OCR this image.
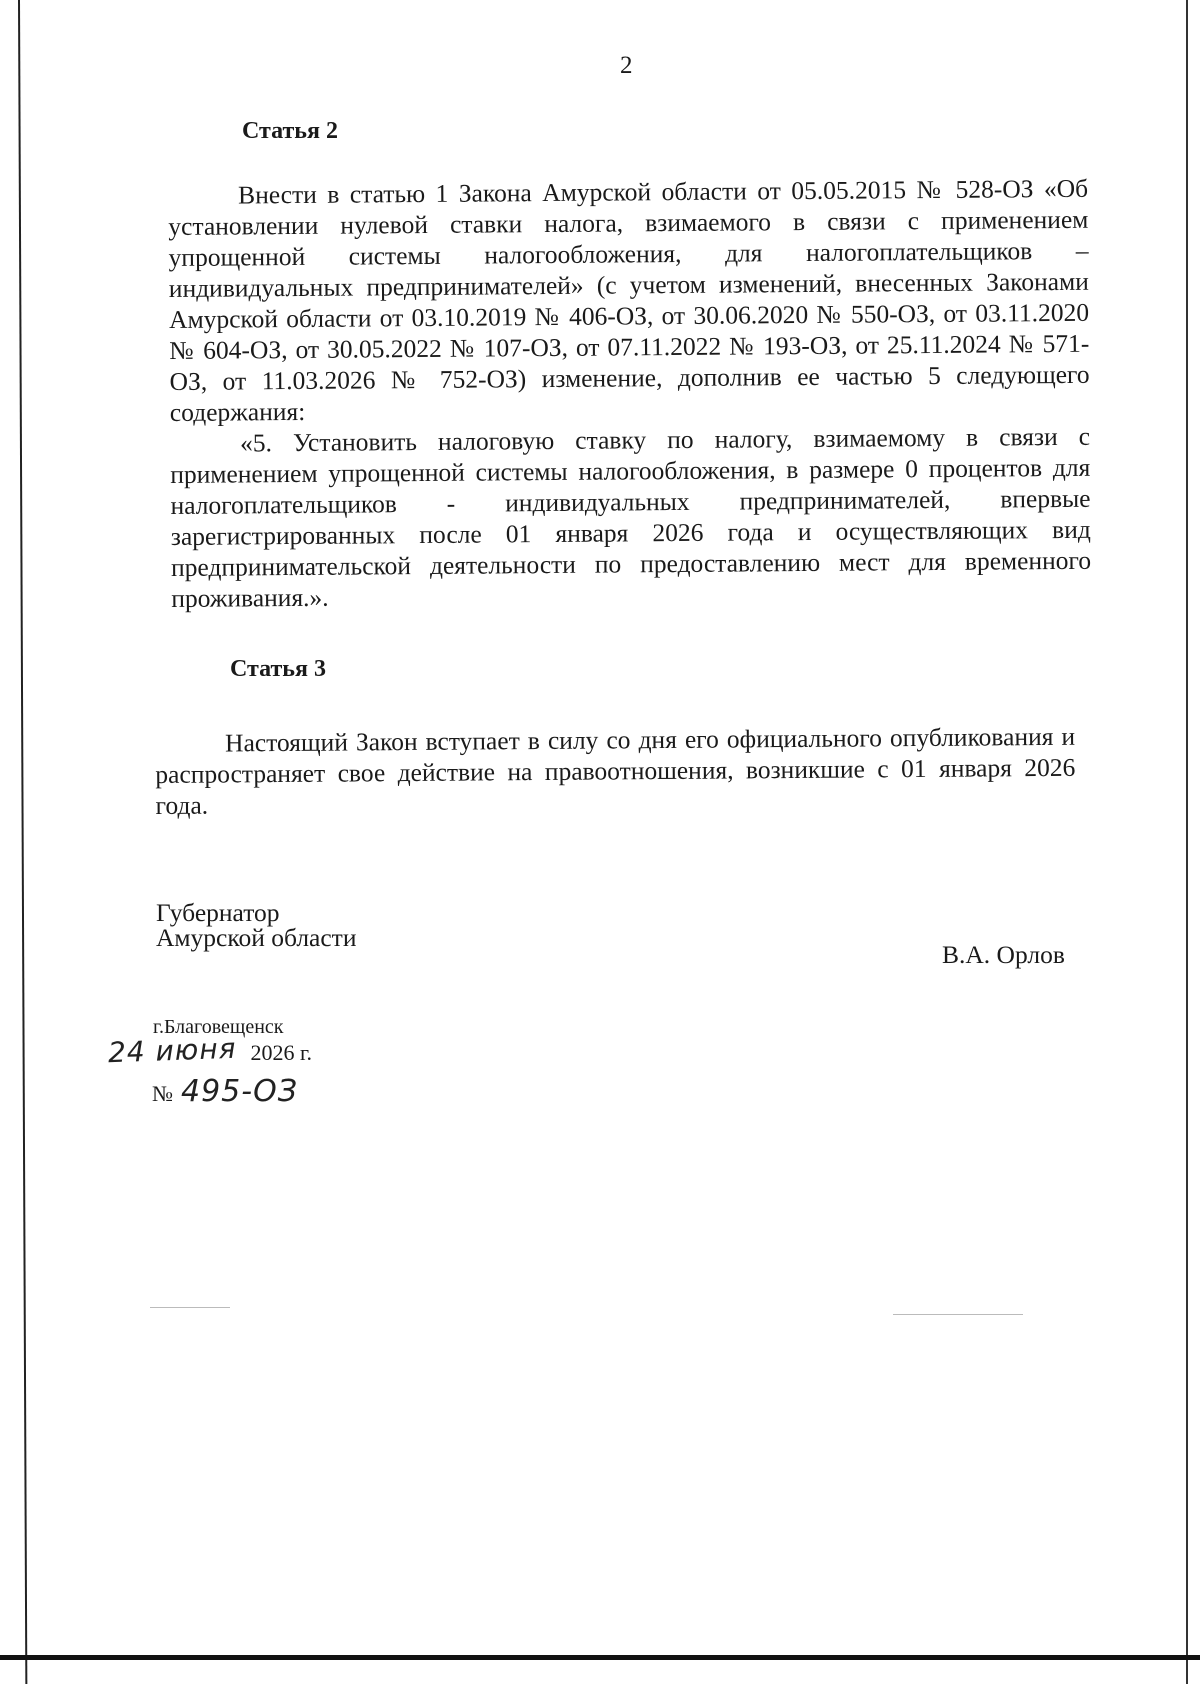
2
Статья 2

Внести в статью 1 Закона Амурской области от 05.05.2015 № 528-ОЗ «Об установлении нулевой ставки налога, взимаемого в связи с применением упрощенной системы налогообложения, для налогоплательщиков – индивидуальных предпринимателей» (с учетом изменений, внесенных Законами Амурской области от 03.10.2019 № 406-ОЗ, от 30.06.2020 № 550-ОЗ, от 03.11.2020 № 604-ОЗ, от 30.05.2022 № 107-ОЗ, от 07.11.2022 № 193-ОЗ, от 25.11.2024 № 571-ОЗ, от 11.03.2026 № 752-ОЗ) изменение, дополнив ее частью 5 следующего содержания:

«5. Установить налоговую ставку по налогу, взимаемому в связи с применением упрощенной системы налогообложения, в размере 0 процентов для налогоплательщиков - индивидуальных предпринимателей, впервые зарегистрированных после 01 января 2026 года и осуществляющих вид предпринимательской деятельности по предоставлению мест для временного проживания.».

Статья 3

Настоящий Закон вступает в силу со дня его официального опубликования и распространяет свое действие на правоотношения, возникшие с 01 января 2026 года.

Губернатор
Амурской области
В.А. Орлов
г.Благовещенск
24 июня 2026 г.
№ 495-ОЗ
